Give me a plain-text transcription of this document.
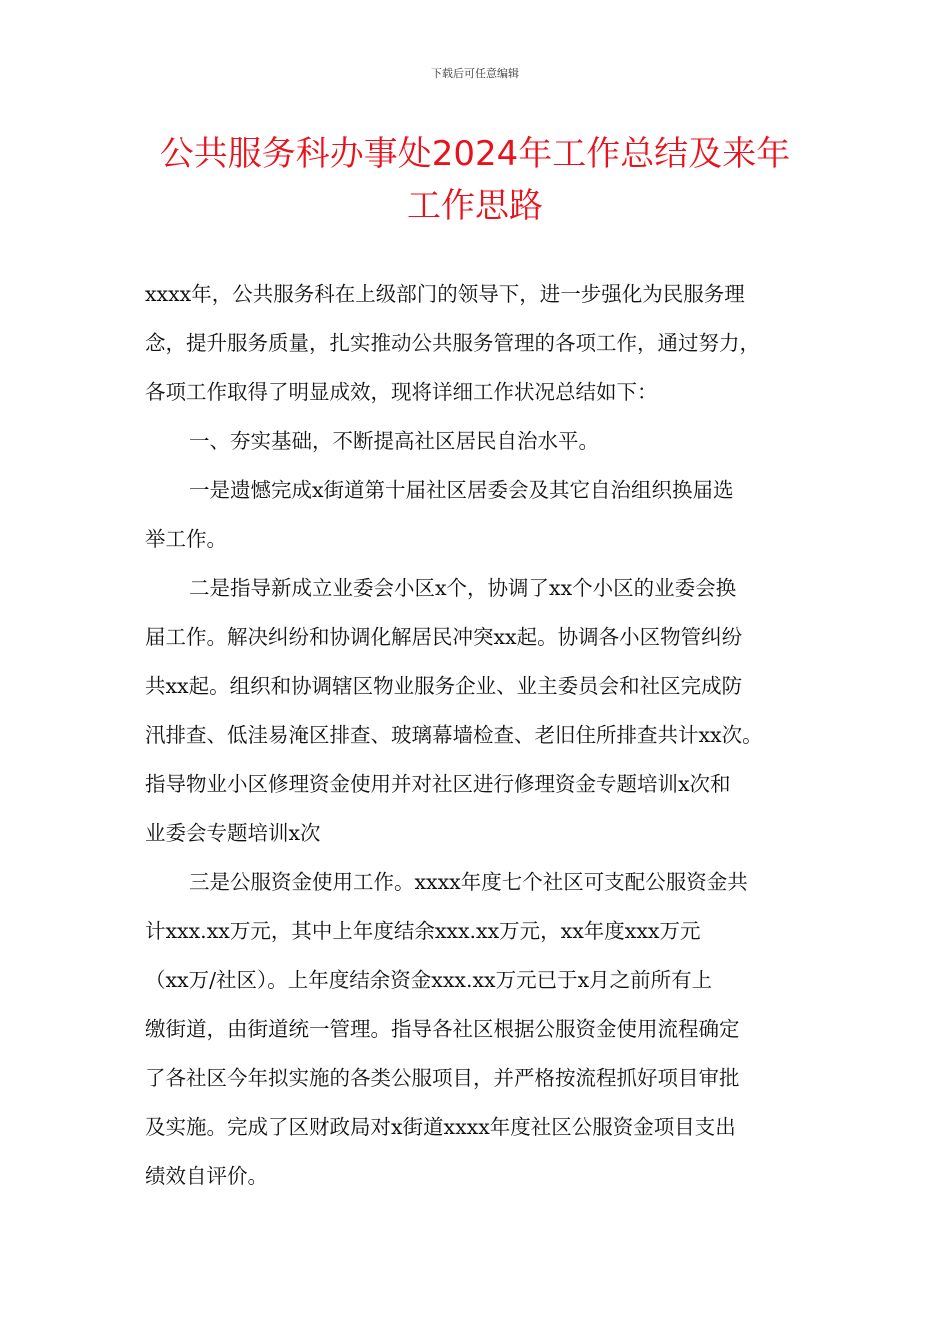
下载后可任意编辑
公共服务科办事处2024年工作总结及来年
工作思路

xxxx年，公共服务科在上级部门的领导下，进一步强化为民服务理
念，提升服务质量，扎实推动公共服务管理的各项工作，通过努力，
各项工作取得了明显成效，现将详细工作状况总结如下：

一、夯实基础，不断提高社区居民自治水平。

一是遗憾完成x街道第十届社区居委会及其它自治组织换届选
举工作。

二是指导新成立业委会小区x个，协调了xx个小区的业委会换
届工作。解决纠纷和协调化解居民冲突xx起。协调各小区物管纠纷
共xx起。组织和协调辖区物业服务企业、业主委员会和社区完成防
汛排查、低洼易淹区排查、玻璃幕墙检查、老旧住所排查共计xx次。
指导物业小区修理资金使用并对社区进行修理资金专题培训x次和
业委会专题培训x次

三是公服资金使用工作。xxxx年度七个社区可支配公服资金共
计xxx.xx万元，其中上年度结余xxx.xx万元，xx年度xxx万元
（xx万/社区）。上年度结余资金xxx.xx万元已于x月之前所有上
缴街道，由街道统一管理。指导各社区根据公服资金使用流程确定
了各社区今年拟实施的各类公服项目，并严格按流程抓好项目审批
及实施。完成了区财政局对x街道xxxx年度社区公服资金项目支出
绩效自评价。
